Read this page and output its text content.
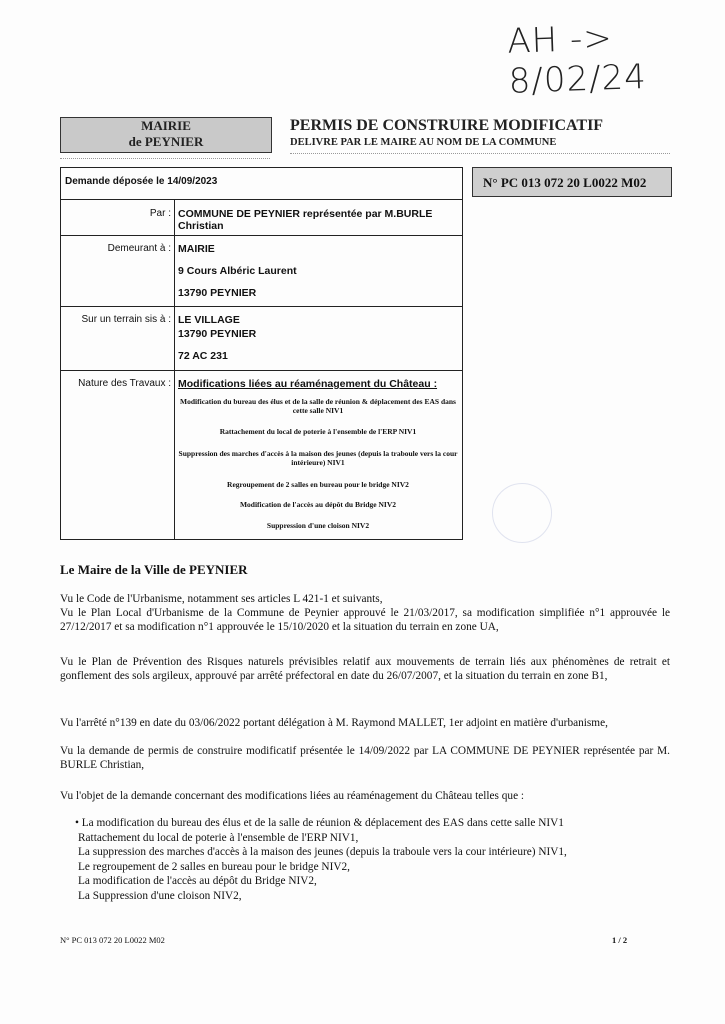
AH -> 8/02/24
MAIRIE
de PEYNIER
PERMIS DE CONSTRUIRE MODIFICATIF
DELIVRE PAR LE MAIRE AU NOM DE LA COMMUNE
Demande déposée le 14/09/2023
Par : COMMUNE DE PEYNIER représentée par M.BURLE Christian
Demeurant à : MAIRIE
9 Cours Albéric Laurent
13790 PEYNIER
Sur un terrain sis à : LE VILLAGE
13790 PEYNIER
72 AC 231
Nature des Travaux : Modifications liées au réaménagement du Château :
Modification du bureau des élus et de la salle de réunion & déplacement des EAS dans cette salle NIV1
Rattachement du local de poterie à l'ensemble de l'ERP NIV1
Suppression des marches d'accès à la maison des jeunes (depuis la traboule vers la cour intérieure) NIV1
Regroupement de 2 salles en bureau pour le bridge NIV2
Modification de l'accès au dépôt du Bridge NIV2
Suppression d'une cloison NIV2
N° PC 013 072 20 L0022 M02
Le Maire de la Ville de PEYNIER
Vu le Code de l'Urbanisme, notamment ses articles L 421-1 et suivants,
Vu le Plan Local d'Urbanisme de la Commune de Peynier approuvé le 21/03/2017, sa modification simplifiée n°1 approuvée le 27/12/2017 et sa modification n°1 approuvée le 15/10/2020 et la situation du terrain en zone UA,
Vu le Plan de Prévention des Risques naturels prévisibles relatif aux mouvements de terrain liés aux phénomènes de retrait et gonflement des sols argileux, approuvé par arrêté préfectoral en date du 26/07/2007, et la situation du terrain en zone B1,
Vu l'arrêté n°139 en date du 03/06/2022 portant délégation à M. Raymond MALLET, 1er adjoint en matière d'urbanisme,
Vu la demande de permis de construire modificatif présentée le 14/09/2022 par LA COMMUNE DE PEYNIER représentée par M. BURLE Christian,
Vu l'objet de la demande concernant des modifications liées au réaménagement du Château telles que :
• La modification du bureau des élus et de la salle de réunion & déplacement des EAS dans cette salle NIV1
Rattachement du local de poterie à l'ensemble de l'ERP NIV1,
La suppression des marches d'accès à la maison des jeunes (depuis la traboule vers la cour intérieure) NIV1,
Le regroupement de 2 salles en bureau pour le bridge NIV2,
La modification de l'accès au dépôt du Bridge NIV2,
La Suppression d'une cloison NIV2,
N° PC 013 072 20 L0022 M02	1 / 2
